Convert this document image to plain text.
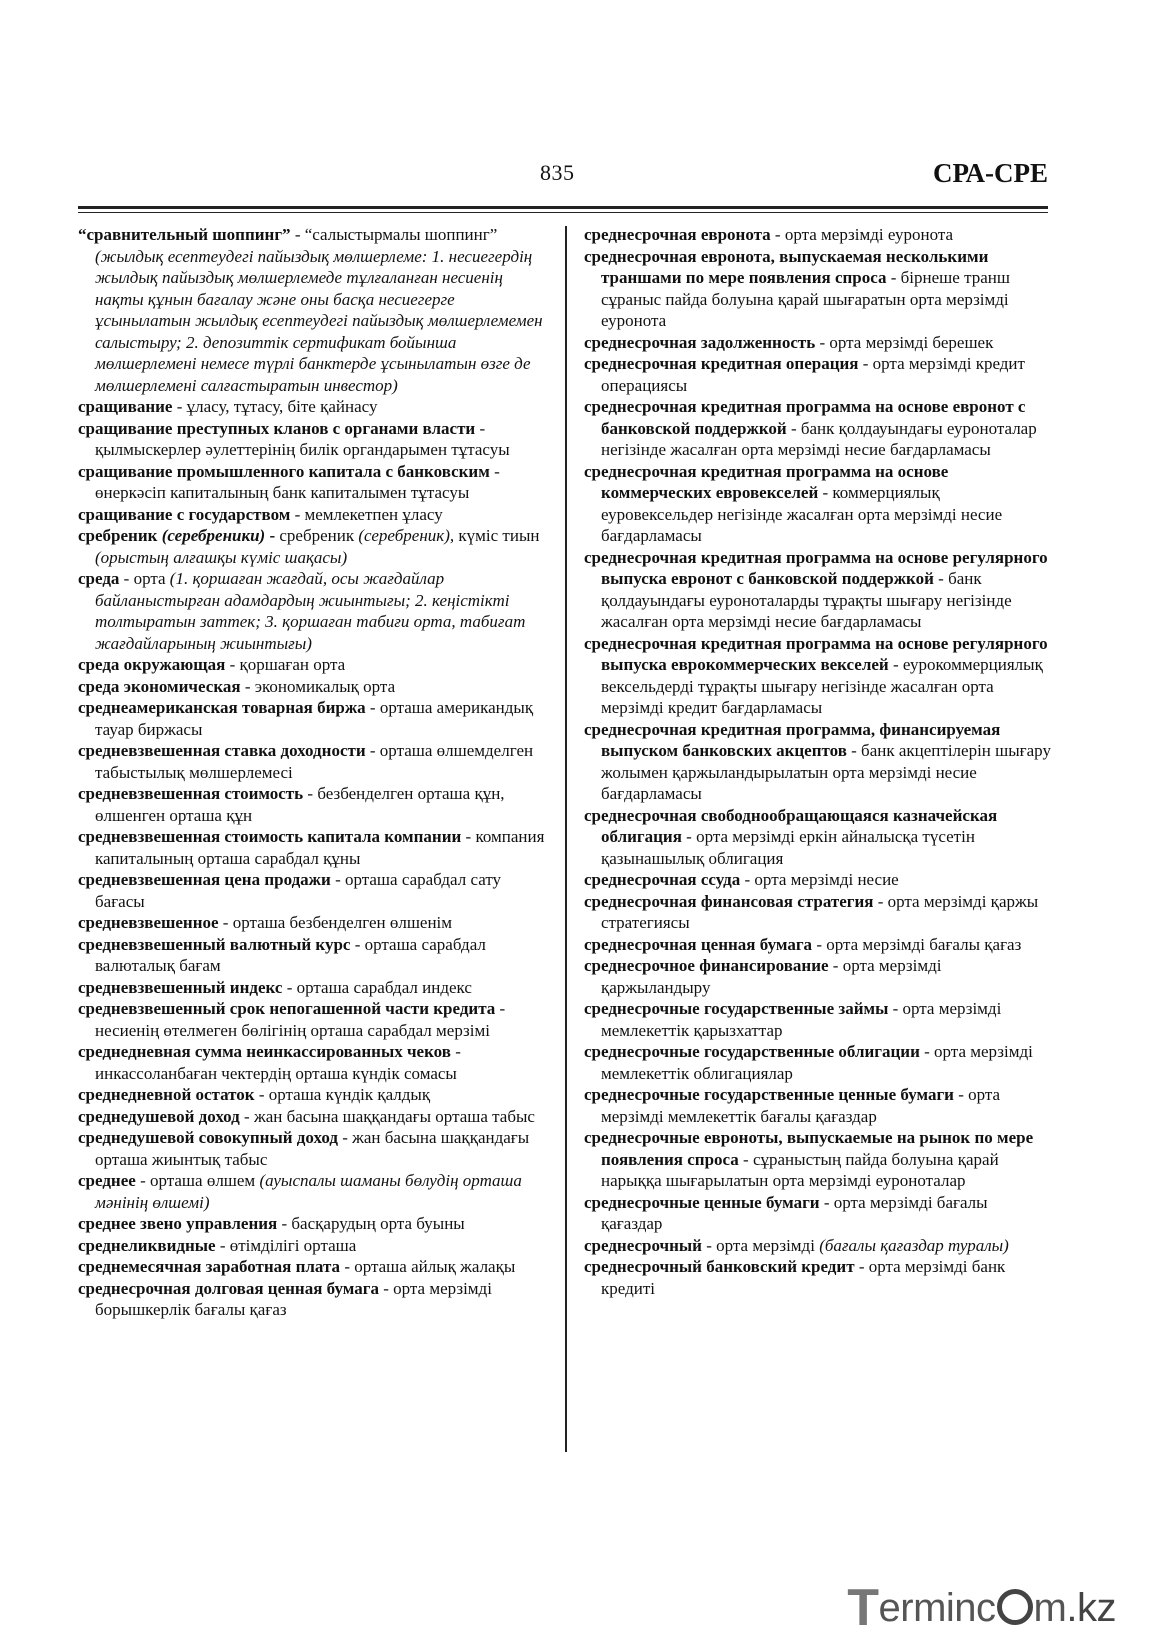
835	СРА-СРЕ

“сравнительный шоппинг” - “салыстырмалы шоппинг” (жылдық есептеудегі пайыздық мөлшерлеме: 1. несиегердің жылдық пайыздық мөлшерлемеде тұлғаланған несиенің нақты құнын бағалау және оны басқа несиегерге ұсынылатын жылдық есептеудегі пайыздық мөлшерлемемен салыстыру; 2. депозиттік сертификат бойынша мөлшерлемені немесе түрлі банктерде ұсынылатын өзге де мөлшерлемені салғастыратын инвестор)

сращивание - ұласу, тұтасу, біте қайнасу

сращивание преступных кланов с органами власти - қылмыскерлер әулеттерінің билік органдарымен тұтасуы

сращивание промышленного капитала с банковским - өнеркәсіп капиталының банк капиталымен тұтасуы

сращивание с государством - мемлекетпен ұласу

сребреник (серебреники) - сребреник (серебреник), күміс тиын (орыстың алғашқы күміс шақасы)

среда - орта (1. қоршаған жағдай, осы жағдайлар байланыстырған адамдардың жиынтығы; 2. кеңістікті толтыратын заттек; 3. қоршаған табиғи орта, табиғат жағдайларының жиынтығы)

среда окружающая - қоршаған орта

среда экономическая - экономикалық орта

среднеамериканская товарная биржа - орташа американдық тауар биржасы

средневзвешенная ставка доходности - орташа өлшемделген табыстылық мөлшерлемесі

средневзвешенная стоимость - безбенделген орташа құн, өлшенген орташа құн

средневзвешенная стоимость капитала компании - компания капиталының орташа сарабдал құны

средневзвешенная цена продажи - орташа сарабдал сату бағасы

средневзвешенное - орташа безбенделген өлшенім

средневзвешенный валютный курс - орташа сарабдал валюталық бағам

средневзвешенный индекс - орташа сарабдал индекс

средневзвешенный срок непогашенной части кредита - несиенің өтелмеген бөлігінің орташа сарабдал мерзімі

среднедневная сумма неинкассированных чеков - инкассоланбаған чектердің орташа күндік сомасы

среднедневной остаток - орташа күндік қалдық

среднедушевой доход - жан басына шаққандағы орташа табыс

среднедушевой совокупный доход - жан басына шаққандағы орташа жиынтық табыс

среднее - орташа өлшем (ауыспалы шаманы бөлудің орташа мәнінің өлшемі)

среднее звено управления - басқарудың орта буыны

среднеликвидные - өтімділігі орташа

среднемесячная заработная плата - орташа айлық жалақы

среднесрочная долговая ценная бумага - орта мерзімді борышкерлік бағалы қағаз

среднесрочная евронота - орта мерзімді еуронота

среднесрочная евронота, выпускаемая несколькими траншами по мере появления спроса - бірнеше транш сұраныс пайда болуына қарай шығаратын орта мерзімді еуронота

среднесрочная задолженность - орта мерзімді берешек

среднесрочная кредитная операция - орта мерзімді кредит операциясы

среднесрочная кредитная программа на основе евронот с банковской поддержкой - банк қолдауындағы еуроноталар негізінде жасалған орта мерзімді несие бағдарламасы

среднесрочная кредитная программа на основе коммерческих евровекселей - коммерциялық еуровексельдер негізінде жасалған орта мерзімді несие бағдарламасы

среднесрочная кредитная программа на основе регулярного выпуска евронот с банковской поддержкой - банк қолдауындағы еуроноталарды тұрақты шығару негізінде жасалған орта мерзімді несие бағдарламасы

среднесрочная кредитная программа на основе регулярного выпуска еврокоммерческих векселей - еурокоммерциялық вексельдерді тұрақты шығару негізінде жасалған орта мерзімді кредит бағдарламасы

среднесрочная кредитная программа, финансируемая выпуском банковских акцептов - банк акцептілерін шығару жолымен қаржыландырылатын орта мерзімді несие бағдарламасы

среднесрочная свободнообращающаяся казначейская облигация - орта мерзімді еркін айналысқа түсетін қазынашылық облигация

среднесрочная ссуда - орта мерзімді несие

среднесрочная финансовая стратегия - орта мерзімді қаржы стратегиясы

среднесрочная ценная бумага - орта мерзімді бағалы қағаз

среднесрочное финансирование - орта мерзімді қаржыландыру

среднесрочные государственные займы - орта мерзімді мемлекеттік қарызхаттар

среднесрочные государственные облигации - орта мерзімді мемлекеттік облигациялар

среднесрочные государственные ценные бумаги - орта мерзімді мемлекеттік бағалы қағаздар

среднесрочные евроноты, выпускаемые на рынок по мере появления спроса - сұраныстың пайда болуына қарай нарыққа шығарылатын орта мерзімді еуроноталар

среднесрочные ценные бумаги - орта мерзімді бағалы қағаздар

среднесрочный - орта мерзімді (бағалы қағаздар туралы)

среднесрочный банковский кредит - орта мерзімді банк кредиті

Terminc m.kz
